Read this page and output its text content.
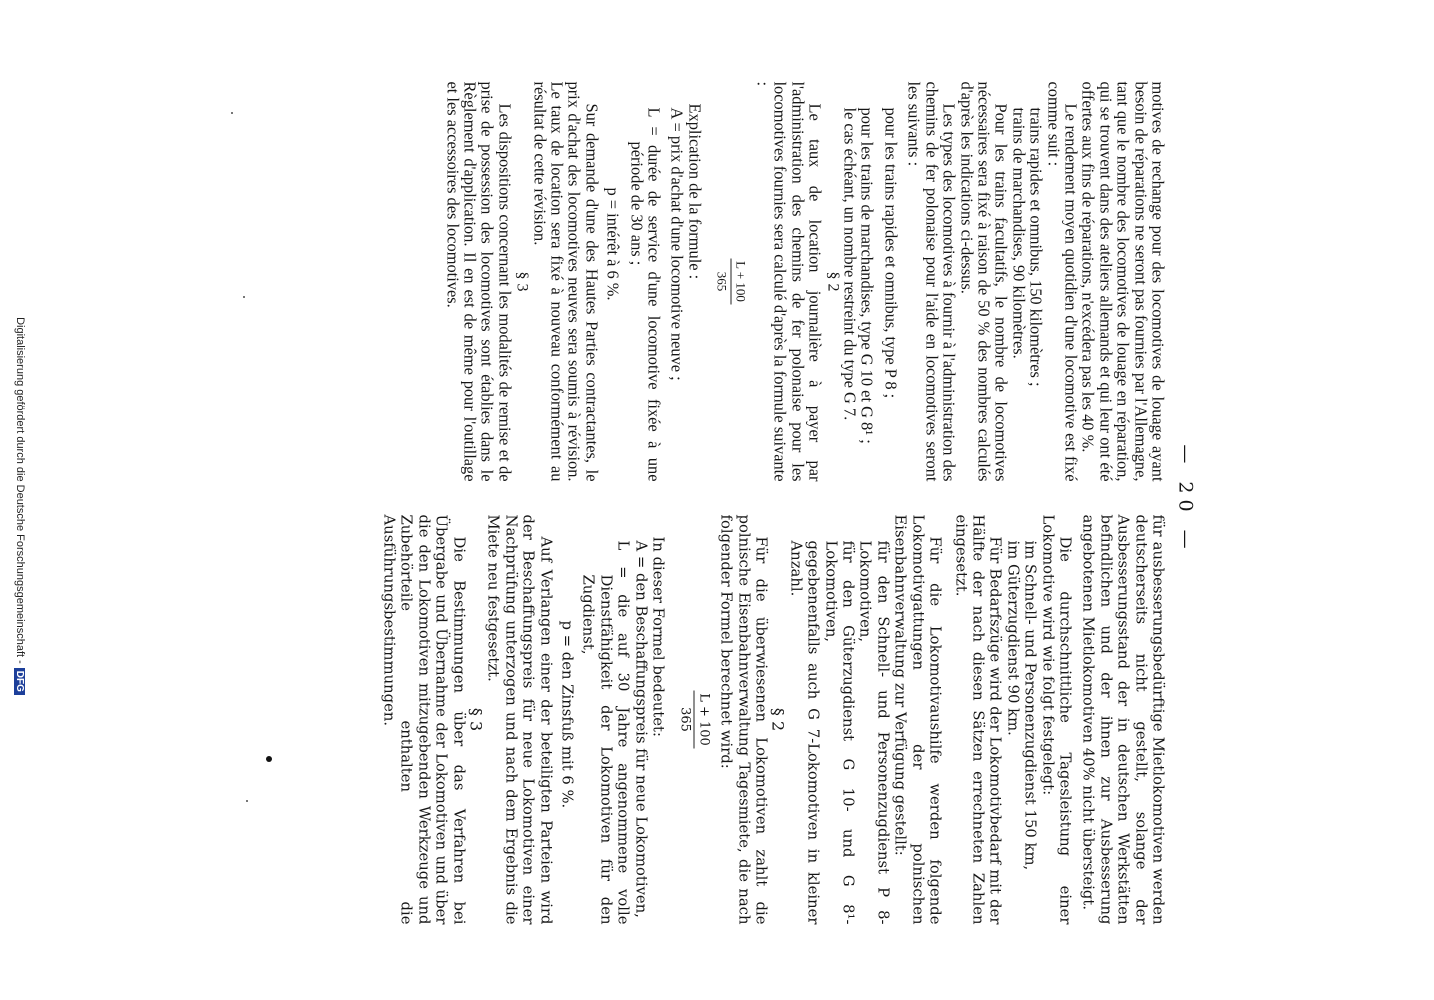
— 20 —

motives de rechange pour des locomotives de louage ayant besoin de réparations ne seront pas fournies par l'Allemagne, tant que le nombre des locomotives de louage en réparation, qui se trouvent dans des ateliers allemands et qui leur ont été offertes aux fins de réparations, n'excédera pas les 40 %.

Le rendement moyen quotidien d'une locomotive est fixé comme suit :

trains rapides et omnibus, 150 kilomètres ;

trains de marchandises, 90 kilomètres.

Pour les trains facultatifs, le nombre de locomotives nécessaires sera fixé à raison de 50 % des nombres calculés d'après les indications ci-dessus.

Les types des locomotives à fournir à l'administration des chemins de fer polonaise pour l'aide en locomotives seront les suivants :

pour les trains rapides et omnibus, type P 8 ;

pour les trains de marchandises, type G 10 et G 8¹ ;

le cas échéant, un nombre restreint du type G 7.

§ 2

Le taux de location journalière à payer par l'administration des chemins de fer polonaise pour les locomotives fournies sera calculé d'après la formule suivante :

L + 100
365

Explication de la formule :

A = prix d'achat d'une locomotive neuve ;

L = durée de service d'une locomotive fixée à une période de 30 ans ;

p = intérêt à 6 %.

Sur demande d'une des Hautes Parties contractantes, le prix d'achat des locomotives neuves sera soumis à révision. Le taux de location sera fixé à nouveau conformément au résultat de cette révision.

§ 3

Les dispositions concernant les modalités de remise et de prise de possession des locomotives sont établies dans le Règlement d'application. Il en est de même pour l'outillage et les accessoires des locomotives.

für ausbesserungsbedürftige Mietlokomotiven werden deutscherseits nicht gestellt, solange der Ausbesserungsstand der in deutschen Werkstätten befindlichen und der ihnen zur Ausbesserung angebotenen Mietlokomotiven 40% nicht übersteigt.

Die durchschnittliche Tagesleistung einer Lokomotive wird wie folgt festgelegt:

im Schnell- und Personenzugdienst 150 km,

im Güterzugdienst 90 km.

Für Bedarfszüge wird der Lokomotivbedarf mit der Hälfte der nach diesen Sätzen errechneten Zahlen eingesetzt.

Für die Lokomotivaushilfe werden folgende Lokomotivgattungen der polnischen Eisenbahnverwaltung zur Verfügung gestellt:

für den Schnell- und Personenzugdienst P 8-Lokomotiven,

für den Güterzugdienst G 10- und G 8¹-Lokomotiven,

gegebenenfalls auch G 7-Lokomotiven in kleiner Anzahl.

§ 2

Für die überwiesenen Lokomotiven zahlt die polnische Eisenbahnverwaltung Tagesmiete, die nach folgender Formel berechnet wird:

L + 100
365

In dieser Formel bedeutet:

A = den Beschaffungspreis für neue Lokomotiven,

L = die auf 30 Jahre angenommene volle Dienstfähigkeit der Lokomotiven für den Zugdienst,

p = den Zinsfuß mit 6 %.

Auf Verlangen einer der beteiligten Parteien wird der Beschaffungspreis für neue Lokomotiven einer Nachprüfung unterzogen und nach dem Ergebnis die Miete neu festgesetzt.

§ 3

Die Bestimmungen über das Verfahren bei Übergabe und Übernahme der Lokomotiven und über die den Lokomotiven mitzugebenden Werkzeuge und Zubehörteile enthalten die Ausführungsbestimmungen.

Digitalisierung gefördert durch die Deutsche Forschungsgemeinschaft -DFG
